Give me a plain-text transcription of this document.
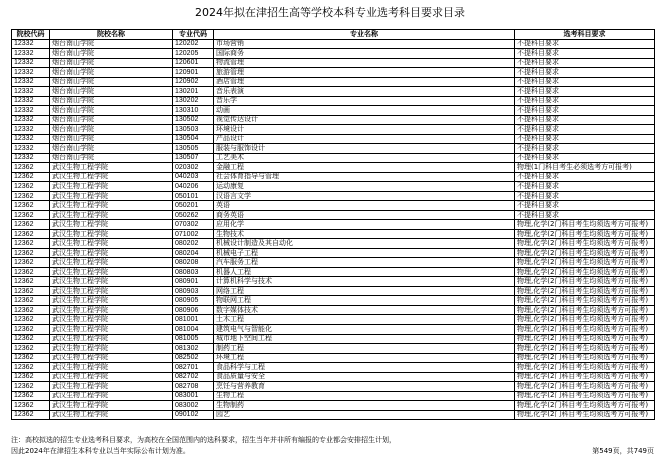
2024年拟在津招生高等学校本科专业选考科目要求目录
院校代码	院校名称	专业代码	专业名称	选考科目要求
12332	烟台南山学院	120202	市场营销	不提科目要求
12332	烟台南山学院	120205	国际商务	不提科目要求
12332	烟台南山学院	120601	物流管理	不提科目要求
12332	烟台南山学院	120901	旅游管理	不提科目要求
12332	烟台南山学院	120902	酒店管理	不提科目要求
12332	烟台南山学院	130201	音乐表演	不提科目要求
12332	烟台南山学院	130202	音乐学	不提科目要求
12332	烟台南山学院	130310	动画	不提科目要求
12332	烟台南山学院	130502	视觉传达设计	不提科目要求
12332	烟台南山学院	130503	环境设计	不提科目要求
12332	烟台南山学院	130504	产品设计	不提科目要求
12332	烟台南山学院	130505	服装与服饰设计	不提科目要求
12332	烟台南山学院	130507	工艺美术	不提科目要求
12362	武汉生物工程学院	020302	金融工程	物理(1门科目考生必须选考方可报考)
12362	武汉生物工程学院	040203	社会体育指导与管理	不提科目要求
12362	武汉生物工程学院	040206	运动康复	不提科目要求
12362	武汉生物工程学院	050101	汉语言文学	不提科目要求
12362	武汉生物工程学院	050201	英语	不提科目要求
12362	武汉生物工程学院	050262	商务英语	不提科目要求
12362	武汉生物工程学院	070302	应用化学	物理,化学(2门科目考生均须选考方可报考)
12362	武汉生物工程学院	071002	生物技术	物理,化学(2门科目考生均须选考方可报考)
12362	武汉生物工程学院	080202	机械设计制造及其自动化	物理,化学(2门科目考生均须选考方可报考)
12362	武汉生物工程学院	080204	机械电子工程	物理,化学(2门科目考生均须选考方可报考)
12362	武汉生物工程学院	080208	汽车服务工程	物理,化学(2门科目考生均须选考方可报考)
12362	武汉生物工程学院	080803	机器人工程	物理,化学(2门科目考生均须选考方可报考)
12362	武汉生物工程学院	080901	计算机科学与技术	物理,化学(2门科目考生均须选考方可报考)
12362	武汉生物工程学院	080903	网络工程	物理,化学(2门科目考生均须选考方可报考)
12362	武汉生物工程学院	080905	物联网工程	物理,化学(2门科目考生均须选考方可报考)
12362	武汉生物工程学院	080906	数字媒体技术	物理,化学(2门科目考生均须选考方可报考)
12362	武汉生物工程学院	081001	土木工程	物理,化学(2门科目考生均须选考方可报考)
12362	武汉生物工程学院	081004	建筑电气与智能化	物理,化学(2门科目考生均须选考方可报考)
12362	武汉生物工程学院	081005	城市地下空间工程	物理,化学(2门科目考生均须选考方可报考)
12362	武汉生物工程学院	081302	制药工程	物理,化学(2门科目考生均须选考方可报考)
12362	武汉生物工程学院	082502	环境工程	物理,化学(2门科目考生均须选考方可报考)
12362	武汉生物工程学院	082701	食品科学与工程	物理,化学(2门科目考生均须选考方可报考)
12362	武汉生物工程学院	082702	食品质量与安全	物理,化学(2门科目考生均须选考方可报考)
12362	武汉生物工程学院	082708	烹饪与营养教育	物理,化学(2门科目考生均须选考方可报考)
12362	武汉生物工程学院	083001	生物工程	物理,化学(2门科目考生均须选考方可报考)
12362	武汉生物工程学院	083002	生物制药	物理,化学(2门科目考生均须选考方可报考)
12362	武汉生物工程学院	090102	园艺	物理,化学(2门科目考生均须选考方可报考)
注：高校拟选的招生专业选考科目要求，为高校在全国范围内的选科要求，招生当年并非所有编报的专业都会安排招生计划，
因此2024年在津招生本科专业以当年实际公布计划为准。	第549页，共749页
